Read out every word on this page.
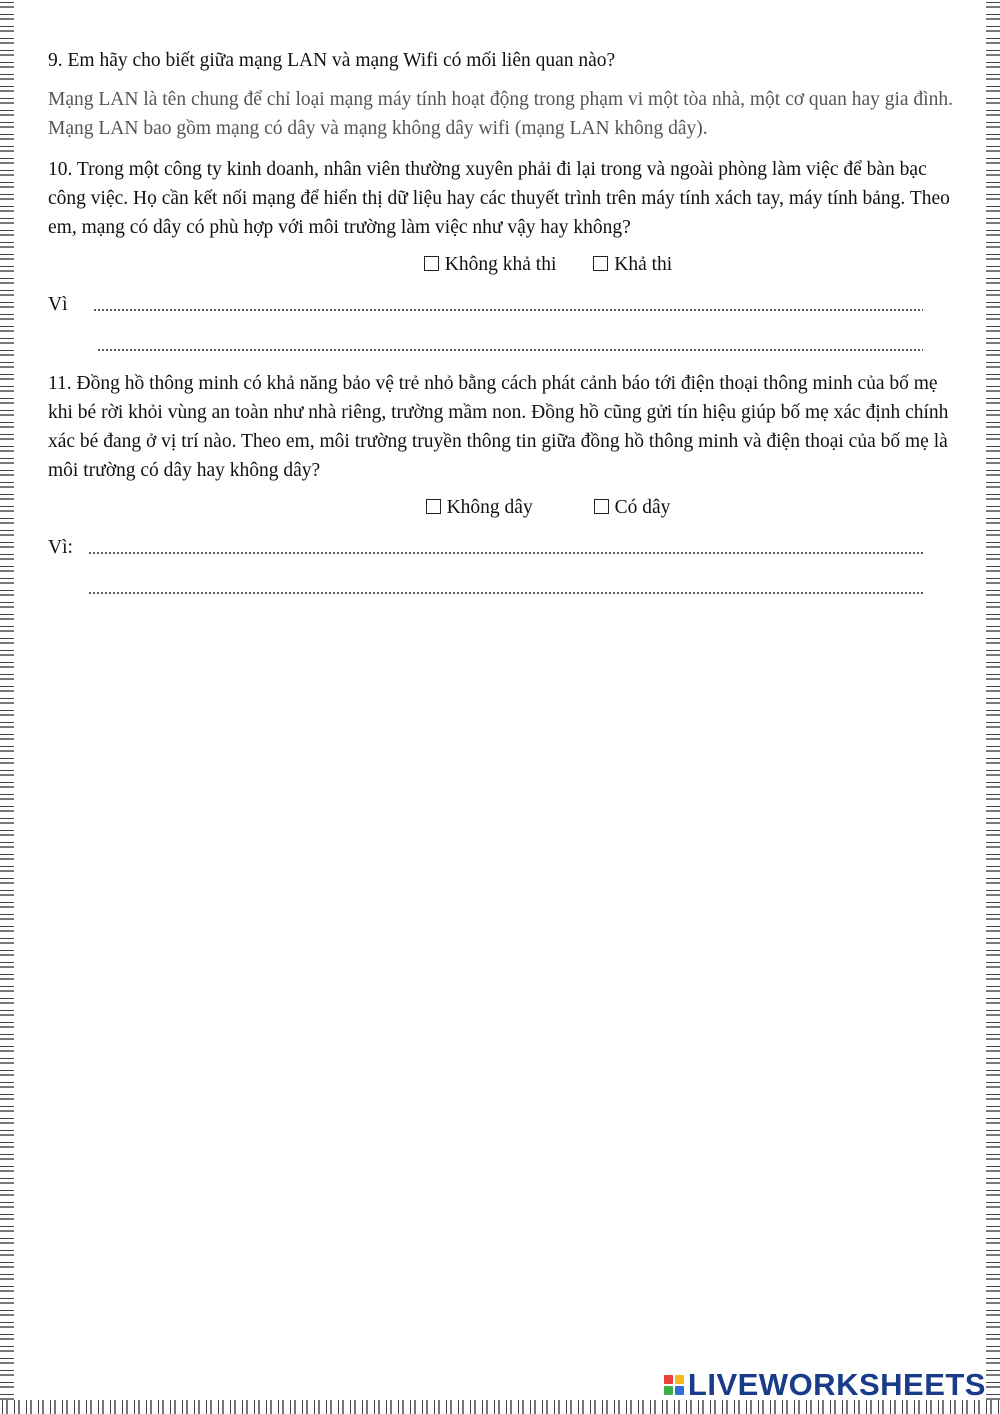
9. Em hãy cho biết giữa mạng LAN và mạng Wifi có mối liên quan nào?

Mạng LAN là tên chung để chỉ loại mạng máy tính hoạt động trong phạm vi một tòa nhà, một cơ quan hay gia đình. Mạng LAN bao gồm mạng có dây và mạng không dây wifi (mạng LAN không dây).

10. Trong một công ty kinh doanh, nhân viên thường xuyên phải đi lại trong và ngoài phòng làm việc để bàn bạc công việc. Họ cần kết nối mạng để hiển thị dữ liệu hay các thuyết trình trên máy tính xách tay, máy tính bảng. Theo em, mạng có dây có phù hợp với môi trường làm việc như vậy hay không?

Không khả thi	Khả thi
Vì

11. Đồng hồ thông minh có khả năng bảo vệ trẻ nhỏ bằng cách phát cảnh báo tới điện thoại thông minh của bố mẹ khi bé rời khỏi vùng an toàn như nhà riêng, trường mầm non. Đồng hồ cũng gửi tín hiệu giúp bố mẹ xác định chính xác bé đang ở vị trí nào. Theo em, môi trường truyền thông tin giữa đồng hồ thông minh và điện thoại của bố mẹ là môi trường có dây hay không dây?

Không dây	Có dây
Vì:
LIVEWORKSHEETS
